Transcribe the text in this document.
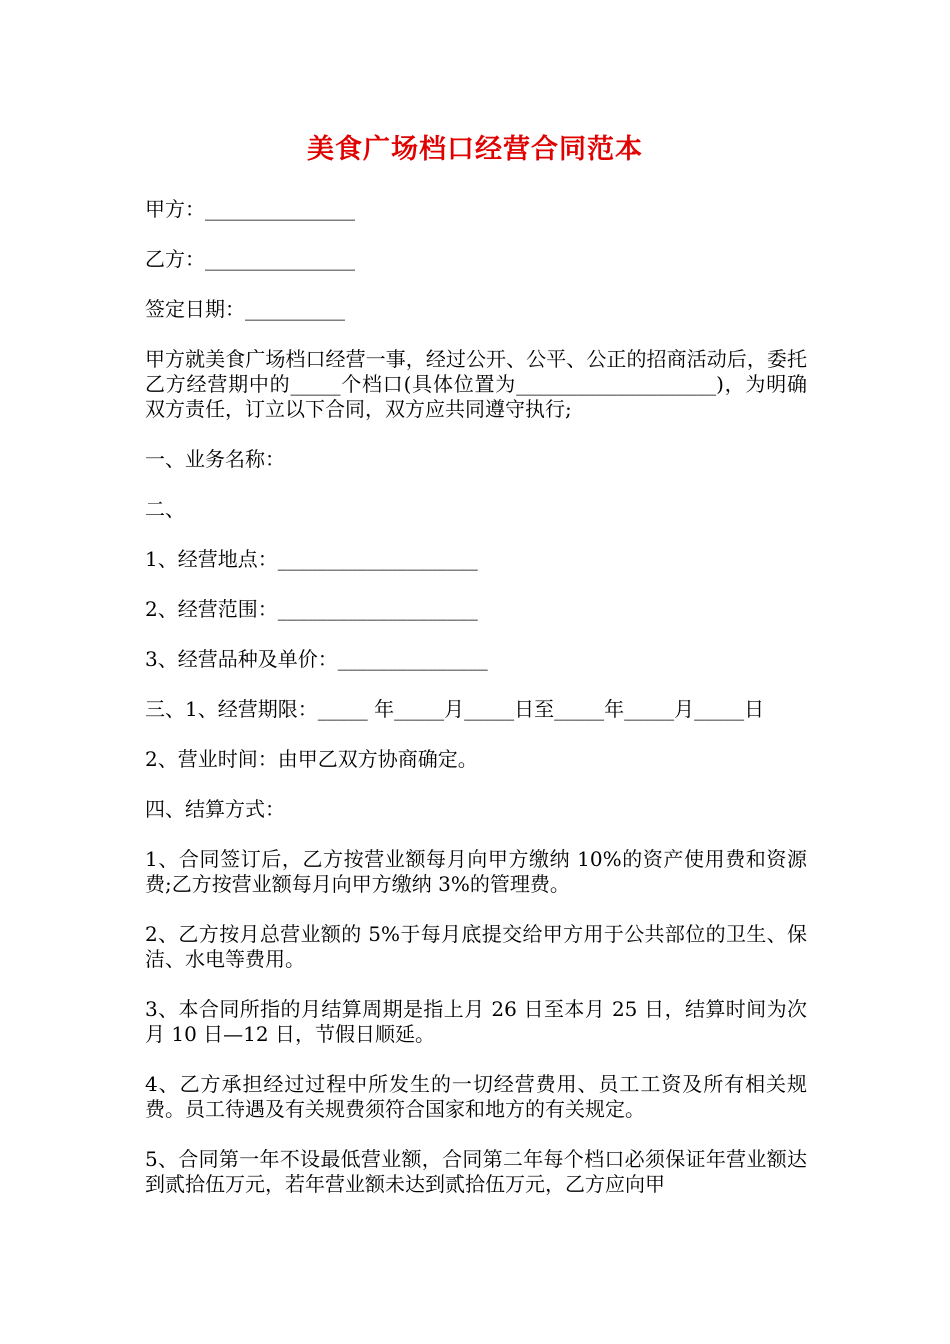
美食广场档口经营合同范本

甲方：_______________

乙方：_______________

签定日期：__________

甲方就美食广场档口经营一事，经过公开、公平、公正的招商活动后，委托乙方经营期中的_____个档口(具体位置为____________________)，为明确双方责任，订立以下合同，双方应共同遵守执行;

一、业务名称：

二、

1、经营地点：____________________

2、经营范围：____________________

3、经营品种及单价：_______________

三、1、经营期限：_____ 年_____月_____日至_____年_____月_____日

2、营业时间：由甲乙双方协商确定。

四、结算方式：

1、合同签订后，乙方按营业额每月向甲方缴纳 10%的资产使用费和资源费;乙方按营业额每月向甲方缴纳 3%的管理费。

2、乙方按月总营业额的 5%于每月底提交给甲方用于公共部位的卫生、保洁、水电等费用。

3、本合同所指的月结算周期是指上月 26 日至本月 25 日，结算时间为次月 10 日—12 日，节假日顺延。

4、乙方承担经过过程中所发生的一切经营费用、员工工资及所有相关规费。员工待遇及有关规费须符合国家和地方的有关规定。

5、合同第一年不设最低营业额，合同第二年每个档口必须保证年营业额达到贰拾伍万元，若年营业额未达到贰拾伍万元，乙方应向甲
